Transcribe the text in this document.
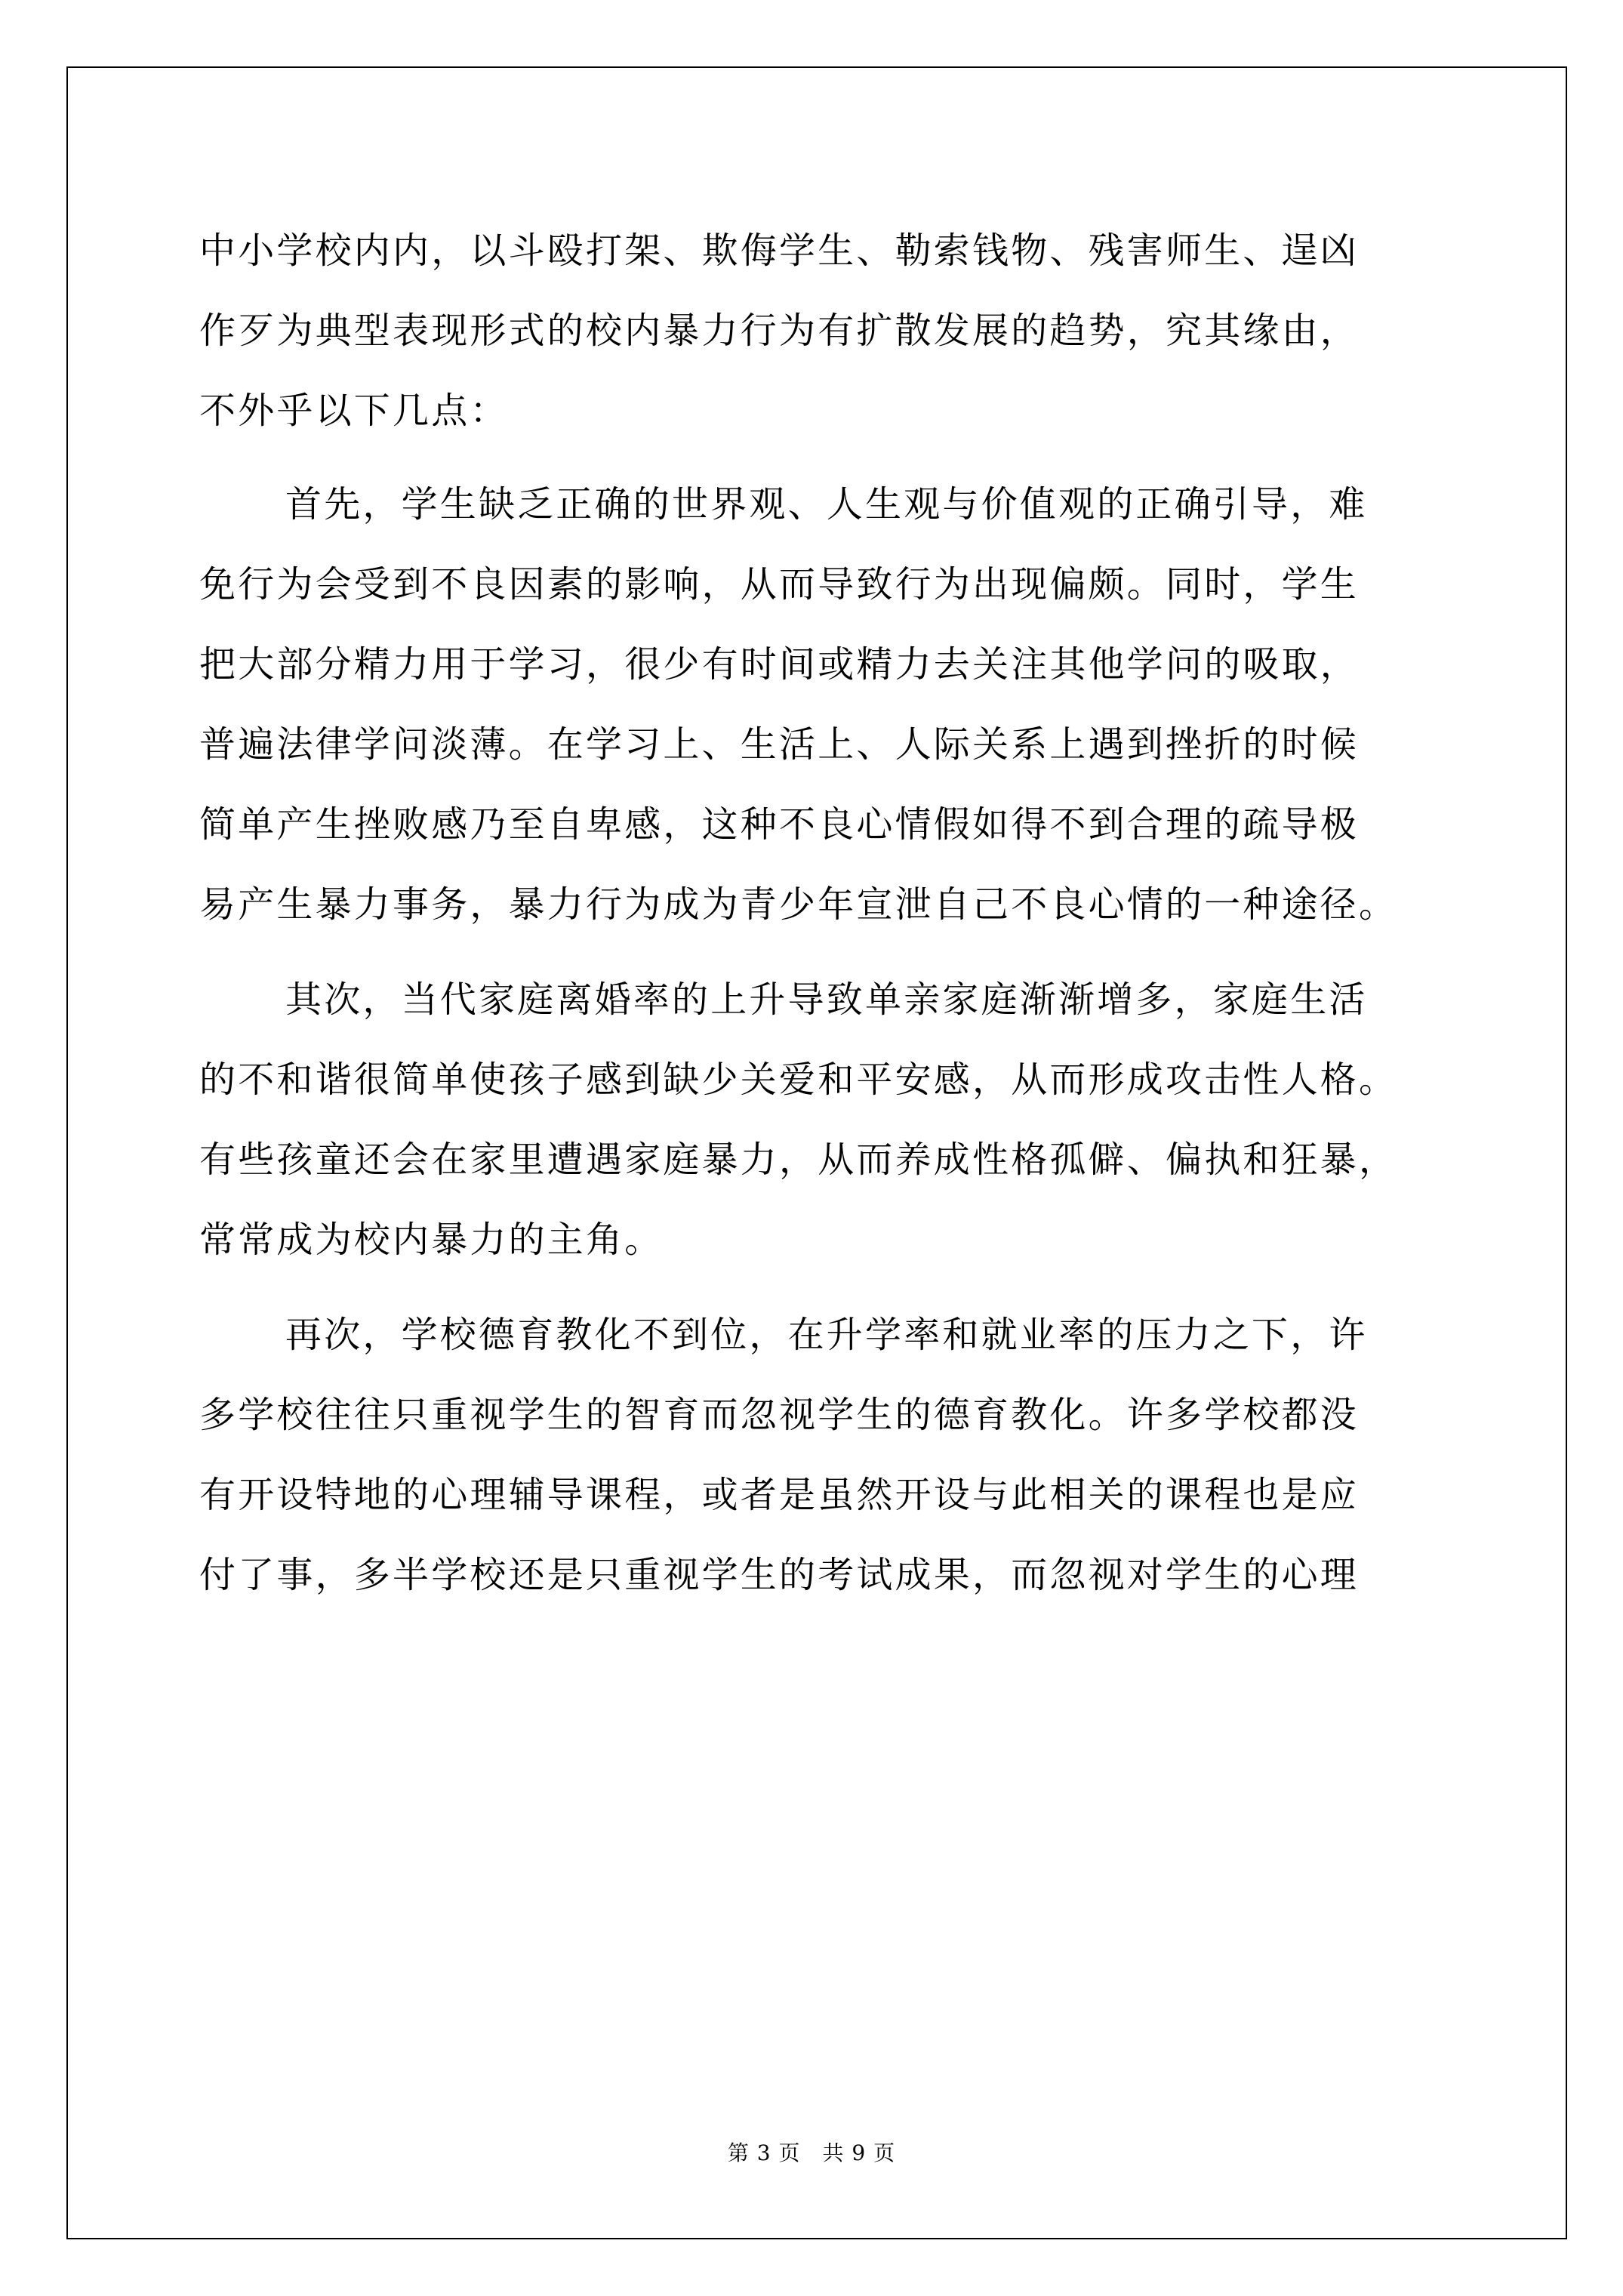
中小学校内内，以斗殴打架、欺侮学生、勒索钱物、残害师生、逞凶
作歹为典型表现形式的校内暴力行为有扩散发展的趋势，究其缘由，
不外乎以下几点：
首先，学生缺乏正确的世界观、人生观与价值观的正确引导，难
免行为会受到不良因素的影响，从而导致行为出现偏颇。同时，学生
把大部分精力用于学习，很少有时间或精力去关注其他学问的吸取，
普遍法律学问淡薄。在学习上、生活上、人际关系上遇到挫折的时候
简单产生挫败感乃至自卑感，这种不良心情假如得不到合理的疏导极
易产生暴力事务，暴力行为成为青少年宣泄自己不良心情的一种途径。
其次，当代家庭离婚率的上升导致单亲家庭渐渐增多，家庭生活
的不和谐很简单使孩子感到缺少关爱和平安感，从而形成攻击性人格。
有些孩童还会在家里遭遇家庭暴力，从而养成性格孤僻、偏执和狂暴，
常常成为校内暴力的主角。
再次，学校德育教化不到位，在升学率和就业率的压力之下，许
多学校往往只重视学生的智育而忽视学生的德育教化。许多学校都没
有开设特地的心理辅导课程，或者是虽然开设与此相关的课程也是应
付了事，多半学校还是只重视学生的考试成果，而忽视对学生的心理
第 3 页　共 9 页
